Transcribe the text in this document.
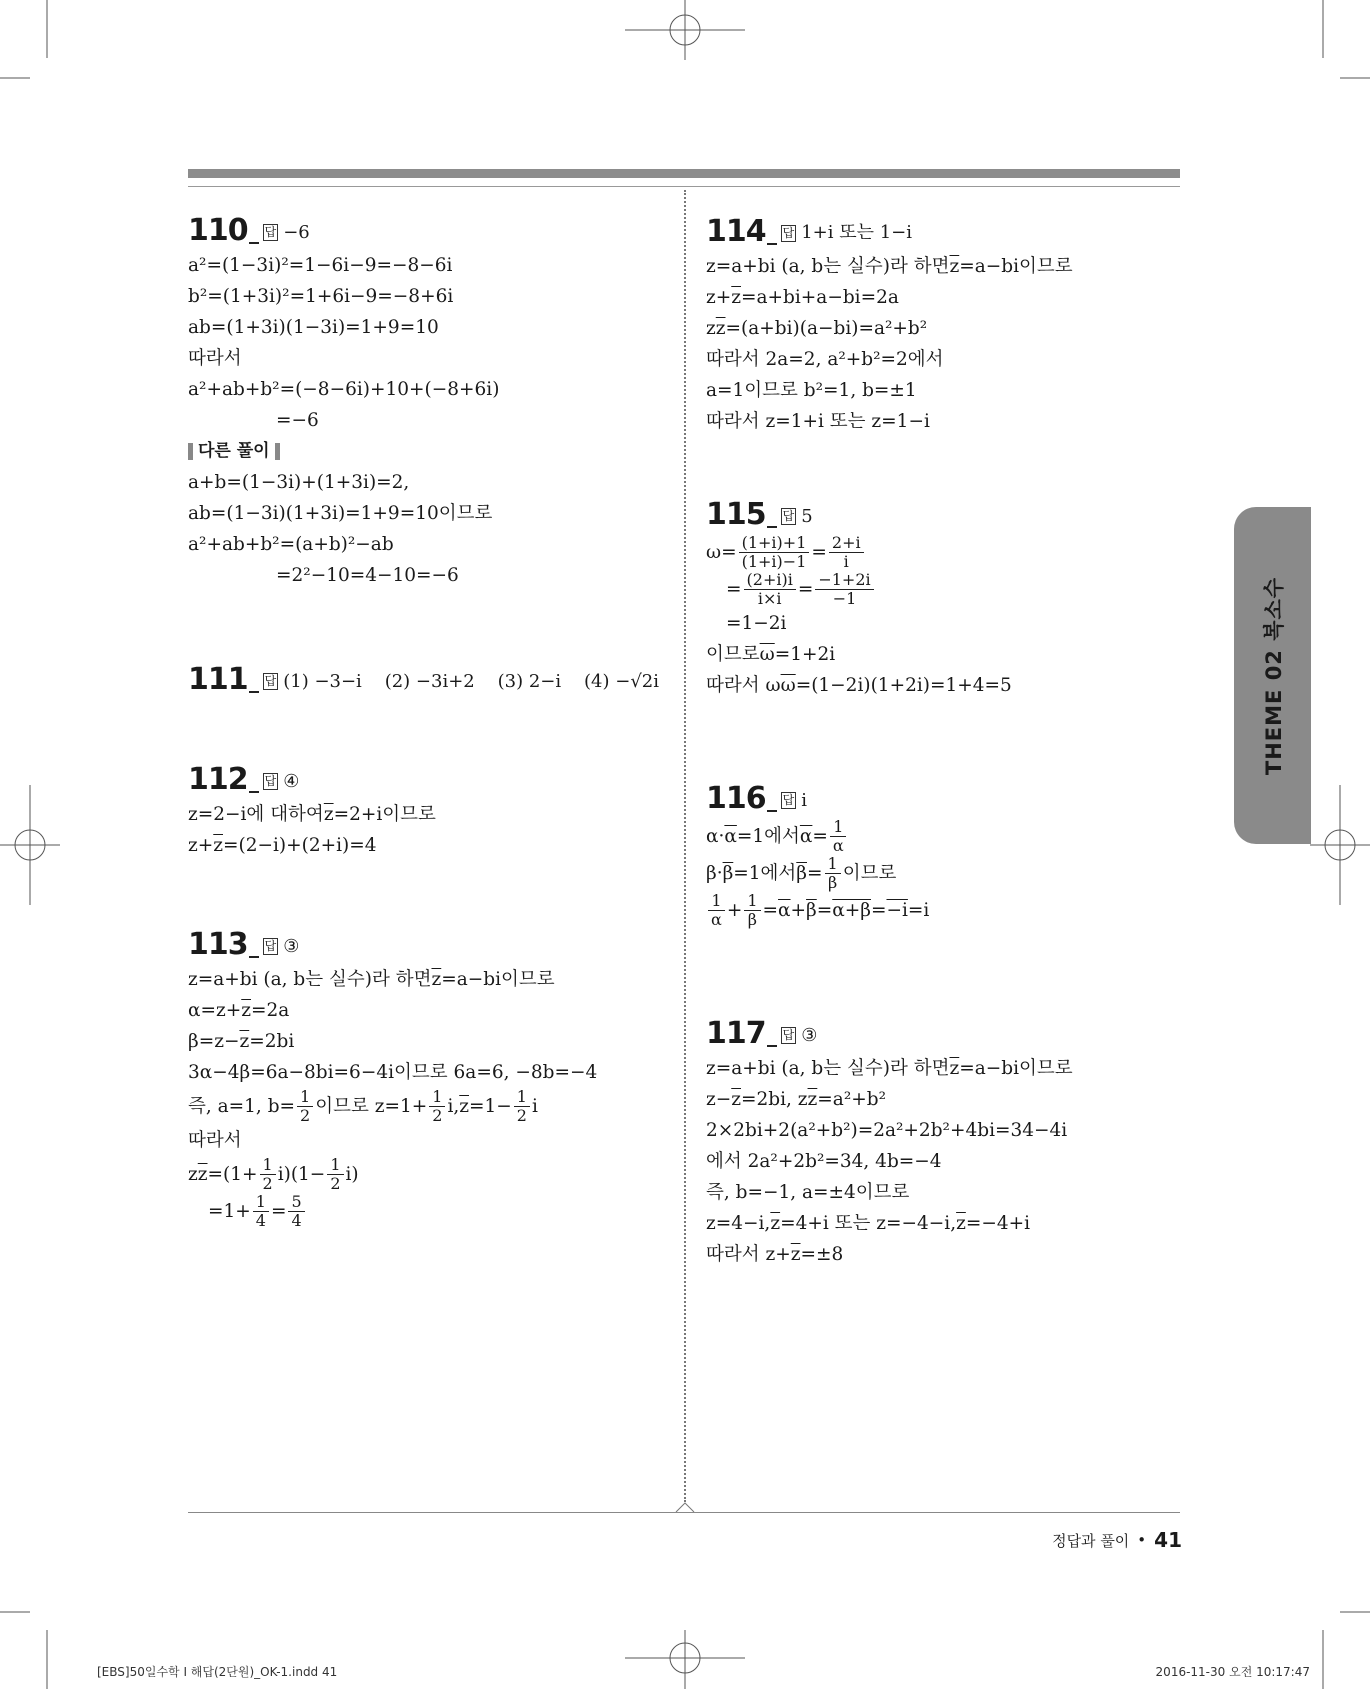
110 답 −6
a²=(1−3i)²=1−6i−9=−8−6i
b²=(1+3i)²=1+6i−9=−8+6i
ab=(1+3i)(1−3i)=1+9=10
따라서
a²+ab+b²=(−8−6i)+10+(−8+6i)
=−6
다른 풀이
a+b=(1−3i)+(1+3i)=2,
ab=(1−3i)(1+3i)=1+9=10이므로
a²+ab+b²=(a+b)²−ab
=2²−10=4−10=−6
111 답 (1) −3−i    (2) −3i+2    (3) 2−i    (4) −√2i
112 답 ④
z=2−i에 대하여 $\overline{z} =2+i$이므로
$z+ \overline{z} =(2-i)+(2+i)=4$
113 답 ③
z=a+bi (a, b는 실수)라 하면 $\overline{z} =a-bi$이므로
$\alpha=z+ \overline{z} =2a$
$\beta=z- \overline{z} =2bi$
3α−4β=6a−8bi=6−4i이므로 6a=6, −8b=−4
즉, a=1, $b= \frac{1}{2}$ 이므로 $z=1+ \frac{1}{2} i$, $\overline{z} =1- \frac{1}{2}$ i
따라서
z $\overline{z} =(1+ \frac{1}{2} i)(1- \frac{1}{2} i)$
$=1+ \frac{1}{4} = \frac{5}{4}$
114 답 1+i 또는 1−i
z=a+bi (a, b는 실수)라 하면 $\overline{z} =a-bi$이므로
$z+ \overline{z} =a+bi+a-bi=2a$
z $\overline{z} =(a+bi)(a-bi)=a^2+b^2$
따라서 2a=2, a²+b²=2에서
a=1이므로 b²=1, b=±1
따라서 z=1+i 또는 z=1−i
115 답 5
$\omega= \frac{(1+i)+1}{(1+i)-1} = \frac{2+i}{i}$
= $\frac{(2+i)i}{i\times i} = \frac{-1+2i}{-1}$
=1−2i
이므로 $\overline{\omega} =1+2i$
따라서 ω $\overline{\omega} =(1-2i)(1+2i)=1+4=5$
116 답 i
$\alpha\cdot \overline{\alpha} =1$에서 $\overline{\alpha} = \frac{1}{\alpha}$
$\beta\cdot \overline{\beta} =1$에서 $\overline{\beta} = \frac{1}{\beta}$ 이므로
$\frac{1}{\alpha} + \frac{1}{\beta} = \overline{\alpha} + \overline{\beta} = \alpha+\beta = -i =i$
117 답 ③
z=a+bi (a, b는 실수)라 하면 $\overline{z} =a-bi$이므로
$z- \overline{z} =2bi$, z $\overline{z} =a^2+b^2$
2×2bi+2(a²+b²)=2a²+2b²+4bi=34−4i
에서 2a²+2b²=34, 4b=−4
즉, b=−1, a=±4이므로
z=4−i, $\overline{z} =4+i$ 또는 z=−4−i, $\overline{z} =-4+i$
따라서 $z+ \overline{z} =\pm 8$
THEME 02 복소수
정답과 풀이 • 41
[EBS]50일수학 Ⅰ 해답(2단원)_OK-1.indd 41	2016-11-30 오전 10:17:47
